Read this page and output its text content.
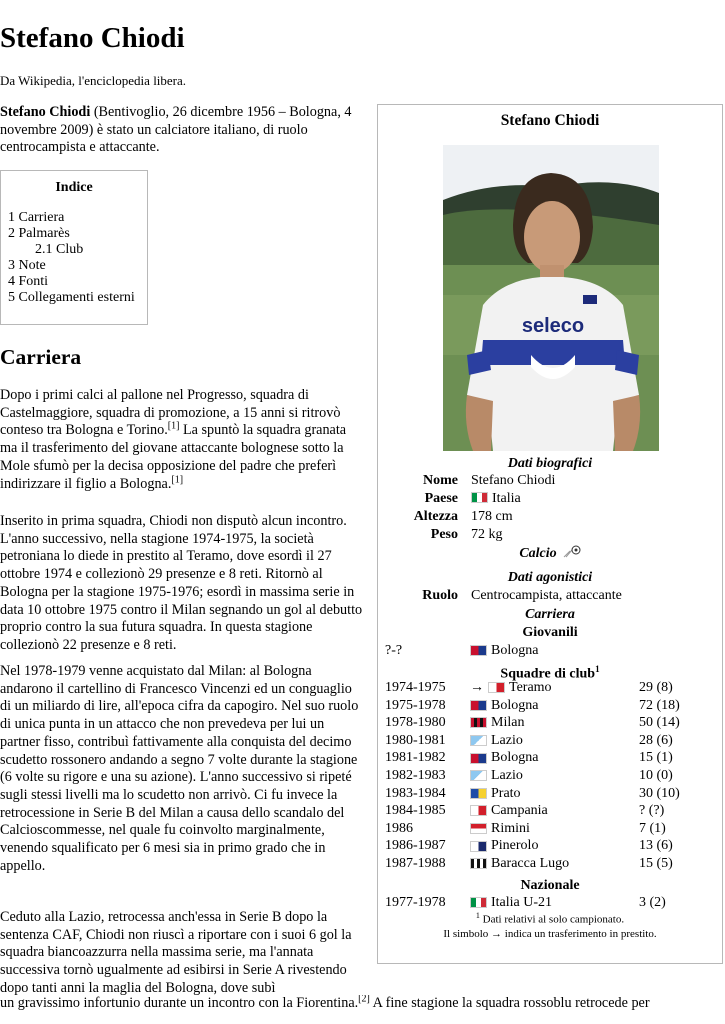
Stefano Chiodi
Da Wikipedia, l'enciclopedia libera.

Stefano Chiodi (Bentivoglio, 26 dicembre 1956 – Bologna, 4 novembre 2009) è stato un calciatore italiano, di ruolo centrocampista e attaccante.

Indice
1 Carriera
2 Palmarès
2.1 Club
3 Note
4 Fonti
5 Collegamenti esterni
Carriera

Dopo i primi calci al pallone nel Progresso, squadra di Castelmaggiore, squadra di promozione, a 15 anni si ritrovò conteso tra Bologna e Torino.[1] La spuntò la squadra granata ma il trasferimento del giovane attaccante bolognese sotto la Mole sfumò per la decisa opposizione del padre che preferì indirizzare il figlio a Bologna.[1]

Inserito in prima squadra, Chiodi non disputò alcun incontro. L'anno successivo, nella stagione 1974-1975, la società petroniana lo diede in prestito al Teramo, dove esordì il 27 ottobre 1974 e collezionò 29 presenze e 8 reti. Ritornò al Bologna per la stagione 1975-1976; esordì in massima serie in data 10 ottobre 1975 contro il Milan segnando un gol al debutto proprio contro la sua futura squadra. In questa stagione collezionò 22 presenze e 8 reti.

Nel 1978-1979 venne acquistato dal Milan: al Bologna andarono il cartellino di Francesco Vincenzi ed un conguaglio di un miliardo di lire, all'epoca cifra da capogiro. Nel suo ruolo di unica punta in un attacco che non prevedeva per lui un partner fisso, contribuì fattivamente alla conquista del decimo scudetto rossonero andando a segno 7 volte durante la stagione (6 volte su rigore e una su azione). L'anno successivo si ripeté sugli stessi livelli ma lo scudetto non arrivò. Ci fu invece la retrocessione in Serie B del Milan a causa dello scandalo del Calcioscommesse, nel quale fu coinvolto marginalmente, venendo squalificato per 6 mesi sia in primo grado che in appello.

Ceduto alla Lazio, retrocessa anch'essa in Serie B dopo la sentenza CAF, Chiodi non riuscì a riportare con i suoi 6 gol la squadra biancoazzurra nella massima serie, ma l'annata successiva tornò ugualmente ad esibirsi in Serie A rivestendo dopo tanti anni la maglia del Bologna, dove subì

un gravissimo infortunio durante un incontro con la Fiorentina.[2] A fine stagione la squadra rossoblu retrocede per

Stefano Chiodi
seleco
Dati biografici
Nome Stefano Chiodi
Paese	Italia
Altezza 178 cm
Peso 72 kg
Calcio
Dati agonistici
Ruolo Centrocampista, attaccante
Carriera
Giovanili
?-?	Bologna
Squadre di club$^1$
1974-1975 → Teramo	29 (8)
1975-1978	Bologna	72 (18)
1978-1980	Milan	50 (14)
1980-1981	Lazio	28 (6)
1981-1982	Bologna	15 (1)
1982-1983	Lazio	10 (0)
1983-1984	Prato	30 (10)
1984-1985	Campania	? (?)
1986	Rimini	7 (1)
1986-1987	Pinerolo	13 (6)
1987-1988	Baracca Lugo	15 (5)
Nazionale
1977-1978	Italia U-21	3 (2)
$^1$ Dati relativi al solo campionato.
Il simbolo → indica un trasferimento in prestito.
